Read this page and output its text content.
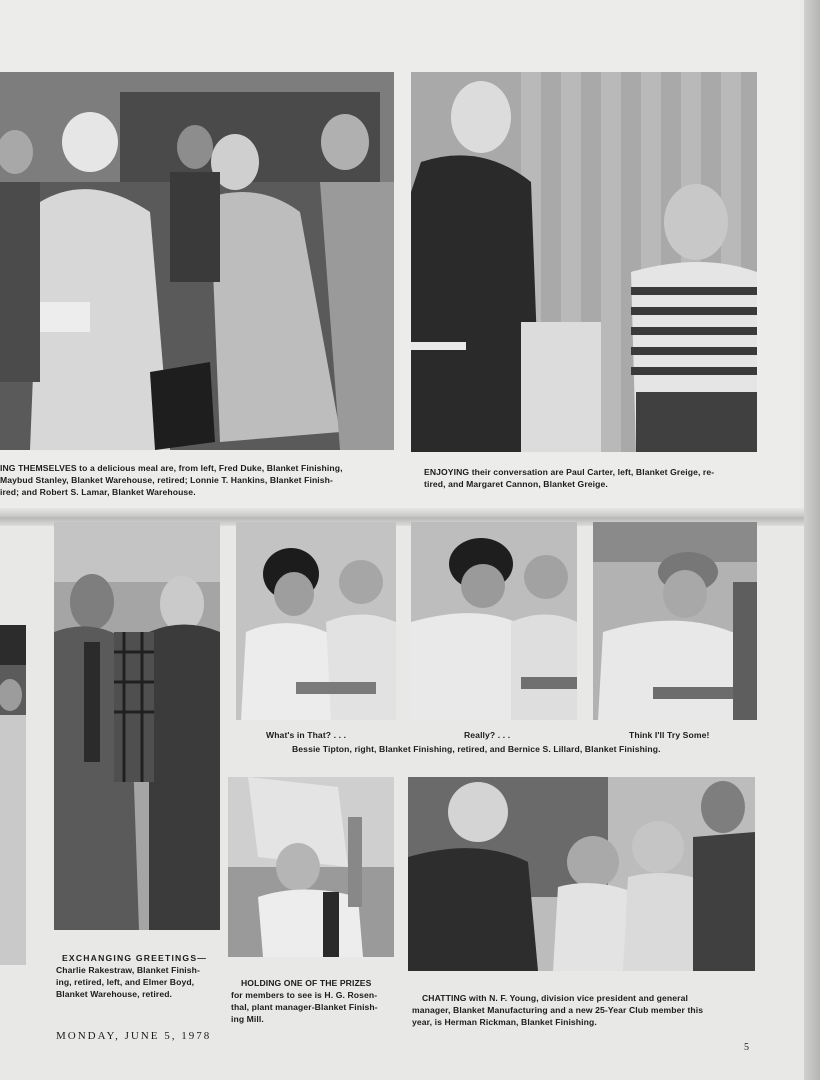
ING THEMSELVES to a delicious meal are, from left, Fred Duke, Blanket Finishing,
Maybud Stanley, Blanket Warehouse, retired; Lonnie T. Hankins, Blanket Finish-
ired; and Robert S. Lamar, Blanket Warehouse.
ENJOYING their conversation are Paul Carter, left, Blanket Greige, re-
tired, and Margaret Cannon, Blanket Greige.
What's in That? . . .	Really? . . .	Think I'll Try Some!
Bessie Tipton, right, Blanket Finishing, retired, and Bernice S. Lillard, Blanket Finishing.
EXCHANGING GREETINGS—
Charlie Rakestraw, Blanket Finish-
ing, retired, left, and Elmer Boyd,
Blanket Warehouse, retired.
HOLDING ONE OF THE PRIZES
for members to see is H. G. Rosen-
thal, plant manager-Blanket Finish-
ing Mill.
CHATTING with N. F. Young, division vice president and general
manager, Blanket Manufacturing and a new 25-Year Club member this
year, is Herman Rickman, Blanket Finishing.
MONDAY, JUNE 5, 1978
5
